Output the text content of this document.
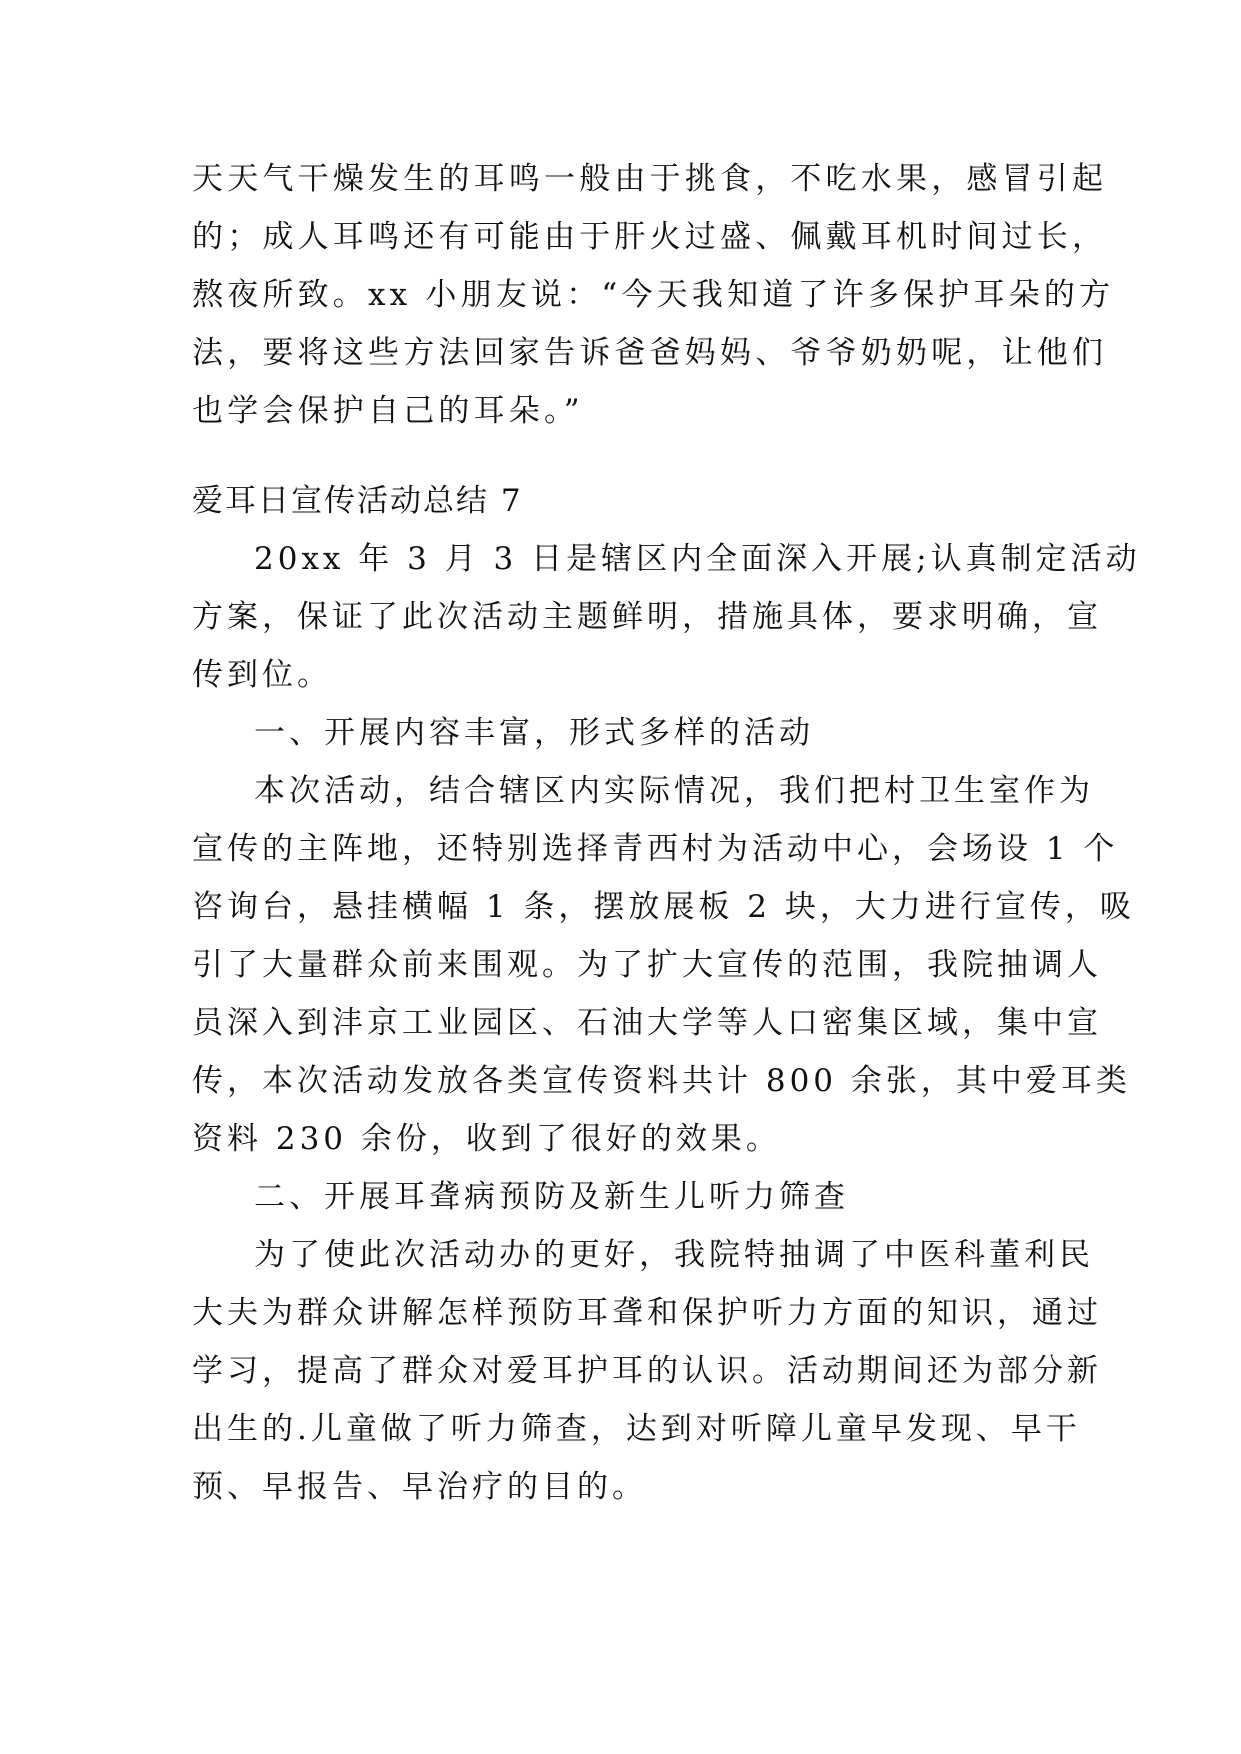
天天气干燥发生的耳鸣一般由于挑食，不吃水果，感冒引起
的；成人耳鸣还有可能由于肝火过盛、佩戴耳机时间过长，
熬夜所致。xx 小朋友说：“今天我知道了许多保护耳朵的方
法，要将这些方法回家告诉爸爸妈妈、爷爷奶奶呢，让他们
也学会保护自己的耳朵。”
爱耳日宣传活动总结 7
20xx 年 3 月 3 日是辖区内全面深入开展;认真制定活动
方案，保证了此次活动主题鲜明，措施具体，要求明确，宣
传到位。
一、开展内容丰富，形式多样的活动
本次活动，结合辖区内实际情况，我们把村卫生室作为
宣传的主阵地，还特别选择青西村为活动中心，会场设 1 个
咨询台，悬挂横幅 1 条，摆放展板 2 块，大力进行宣传，吸
引了大量群众前来围观。为了扩大宣传的范围，我院抽调人
员深入到沣京工业园区、石油大学等人口密集区域，集中宣
传，本次活动发放各类宣传资料共计 800 余张，其中爱耳类
资料 230 余份，收到了很好的效果。
二、开展耳聋病预防及新生儿听力筛查
为了使此次活动办的更好，我院特抽调了中医科董利民
大夫为群众讲解怎样预防耳聋和保护听力方面的知识，通过
学习，提高了群众对爱耳护耳的认识。活动期间还为部分新
出生的.儿童做了听力筛查，达到对听障儿童早发现、早干
预、早报告、早治疗的目的。
